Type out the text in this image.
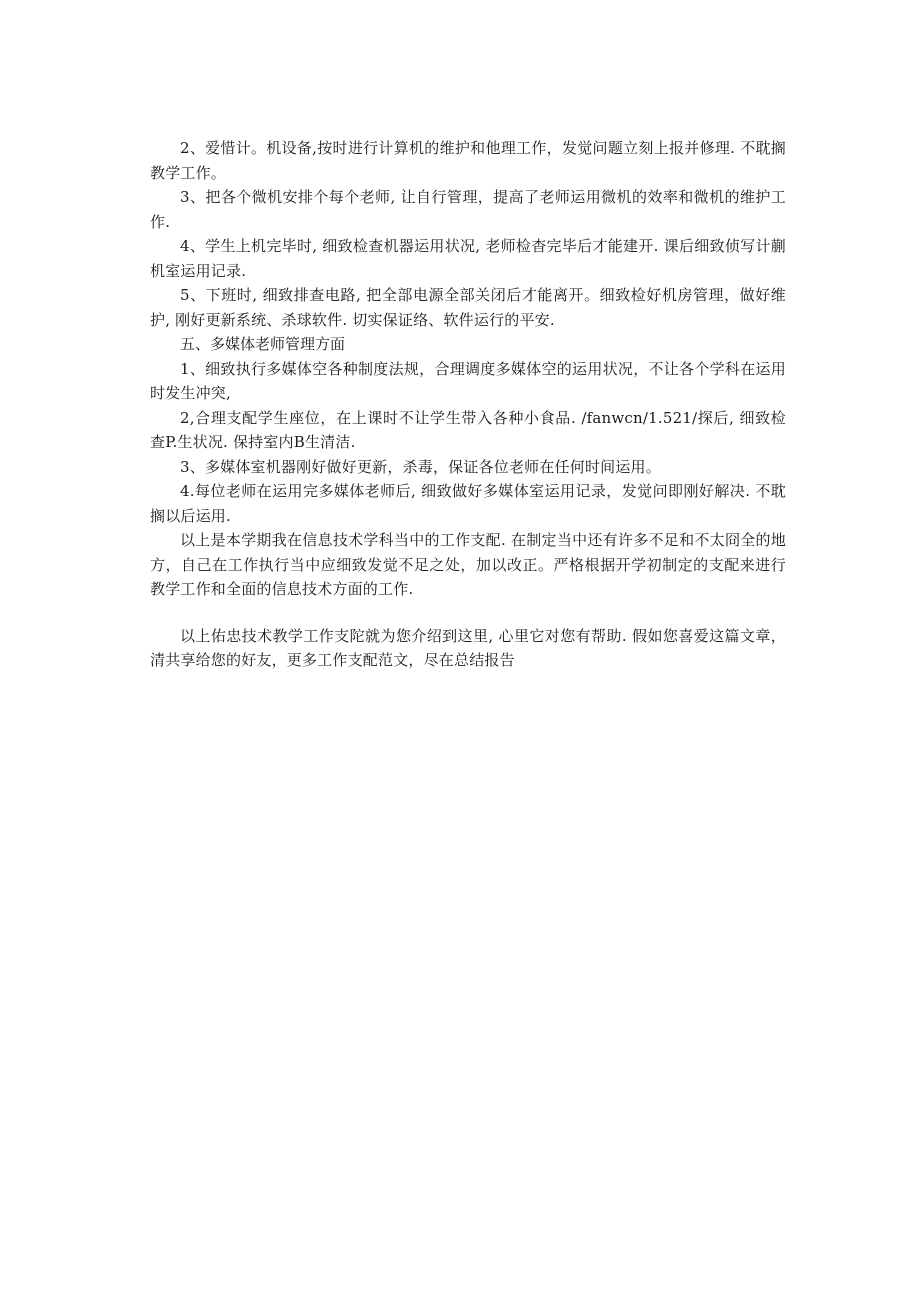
2、爱惜计。机设备,按时进行计算机的维护和他理工作，发觉问题立刻上报并修理. 不耽搁教学工作。

3、把各个微机安排个每个老师, 让自行管理，提高了老师运用微机的效率和微机的维护工作.

4、学生上机完毕时, 细致检查机器运用状况, 老师检杳完毕后才能建开. 课后细致侦写计蒯机室运用记录.

5、下班时, 细致排查电路, 把全部电源全部关闭后才能离开。细致检好机房管理，做好维护, 刚好更新系统、杀球软件. 切实保证络、软件运行的平安.

五、多媒体老师管理方面

1、细致执行多媒体空各种制度法规，合理调度多媒体空的运用状况，不让各个学科在运用时发生冲突,

2,合理支配学生座位，在上课时不让学生带入各种小食品. ∕fanwcn∕1.521∕探后, 细致检查P.生状况. 保持室内B生清洁.

3、多媒体室机器刚好做好更新，杀毒，保证各位老师在任何时间运用。

4.每位老师在运用完多媒体老师后, 细致做好多媒体室运用记录，发觉问即刚好解决. 不耽搁以后运用.

以上是本学期我在信息技术学科当中的工作支配. 在制定当中还有许多不足和不太冏全的地方，自己在工作执行当中应细致发觉不足之处，加以改正。严格根据开学初制定的支配来进行教学工作和全面的信息技术方面的工作.

以上佑忠技术教学工作支陀就为您介绍到这里, 心里它对您有帮助. 假如您喜爱这篇文章，清共享给您的好友，更多工作支配范文，尽在总结报告
